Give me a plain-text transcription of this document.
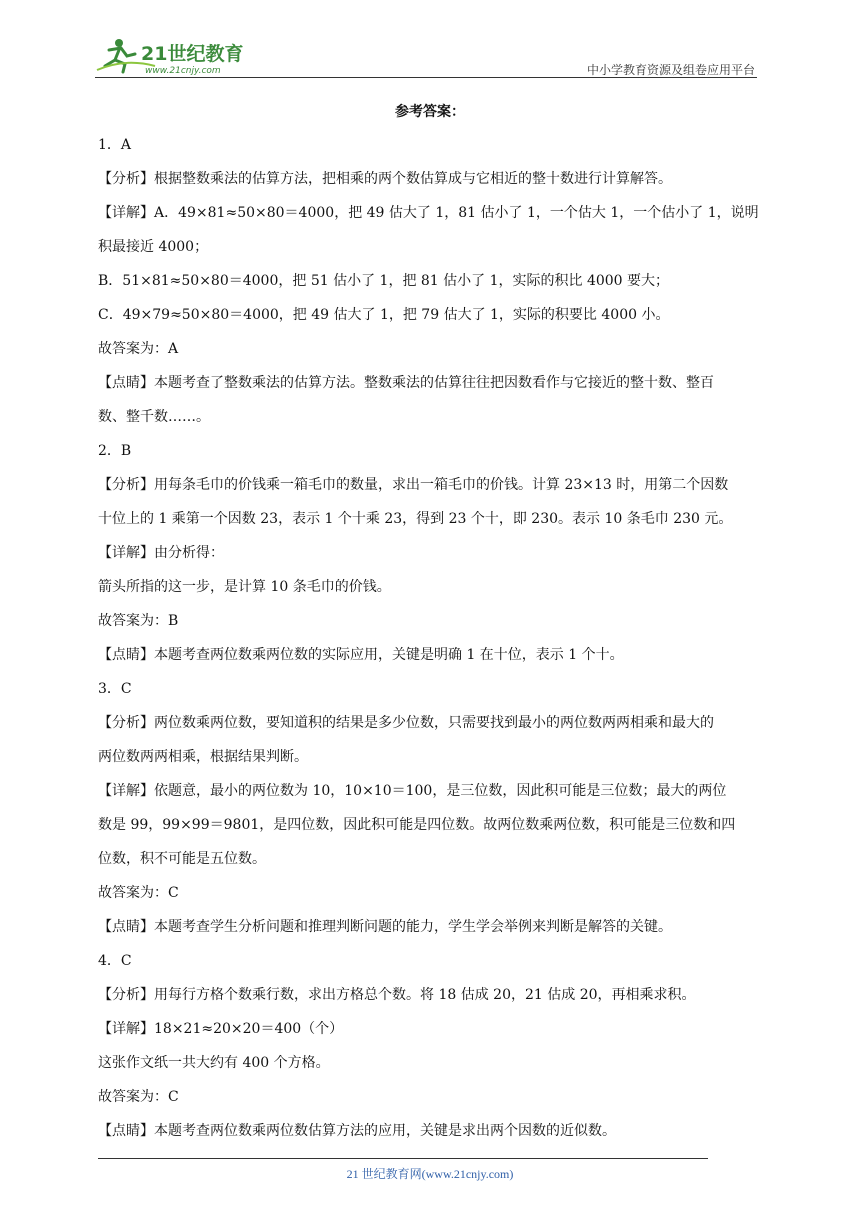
21世纪教育
www.21cnjy.com	中小学教育资源及组卷应用平台
参考答案：

1．A

【分析】根据整数乘法的估算方法，把相乘的两个数估算成与它相近的整十数进行计算解答。

【详解】A．49×81≈50×80＝4000，把 49 估大了 1，81 估小了 1，一个估大 1，一个估小了 1，说明

积最接近 4000；

B．51×81≈50×80＝4000，把 51 估小了 1，把 81 估小了 1，实际的积比 4000 要大；

C．49×79≈50×80＝4000，把 49 估大了 1，把 79 估大了 1，实际的积要比 4000 小。

故答案为：A

【点睛】本题考查了整数乘法的估算方法。整数乘法的估算往往把因数看作与它接近的整十数、整百

数、整千数……。

2．B

【分析】用每条毛巾的价钱乘一箱毛巾的数量，求出一箱毛巾的价钱。计算 23×13 时，用第二个因数

十位上的 1 乘第一个因数 23，表示 1 个十乘 23，得到 23 个十，即 230。表示 10 条毛巾 230 元。

【详解】由分析得：

箭头所指的这一步，是计算 10 条毛巾的价钱。

故答案为：B

【点睛】本题考查两位数乘两位数的实际应用，关键是明确 1 在十位，表示 1 个十。

3．C

【分析】两位数乘两位数，要知道积的结果是多少位数，只需要找到最小的两位数两两相乘和最大的

两位数两两相乘，根据结果判断。

【详解】依题意，最小的两位数为 10，10×10＝100，是三位数，因此积可能是三位数；最大的两位

数是 99，99×99＝9801，是四位数，因此积可能是四位数。故两位数乘两位数，积可能是三位数和四

位数，积不可能是五位数。

故答案为：C

【点睛】本题考查学生分析问题和推理判断问题的能力，学生学会举例来判断是解答的关键。

4．C

【分析】用每行方格个数乘行数，求出方格总个数。将 18 估成 20，21 估成 20，再相乘求积。

【详解】18×21≈20×20＝400（个）

这张作文纸一共大约有 400 个方格。

故答案为：C

【点睛】本题考查两位数乘两位数估算方法的应用，关键是求出两个因数的近似数。

21 世纪教育网(www.21cnjy.com)
